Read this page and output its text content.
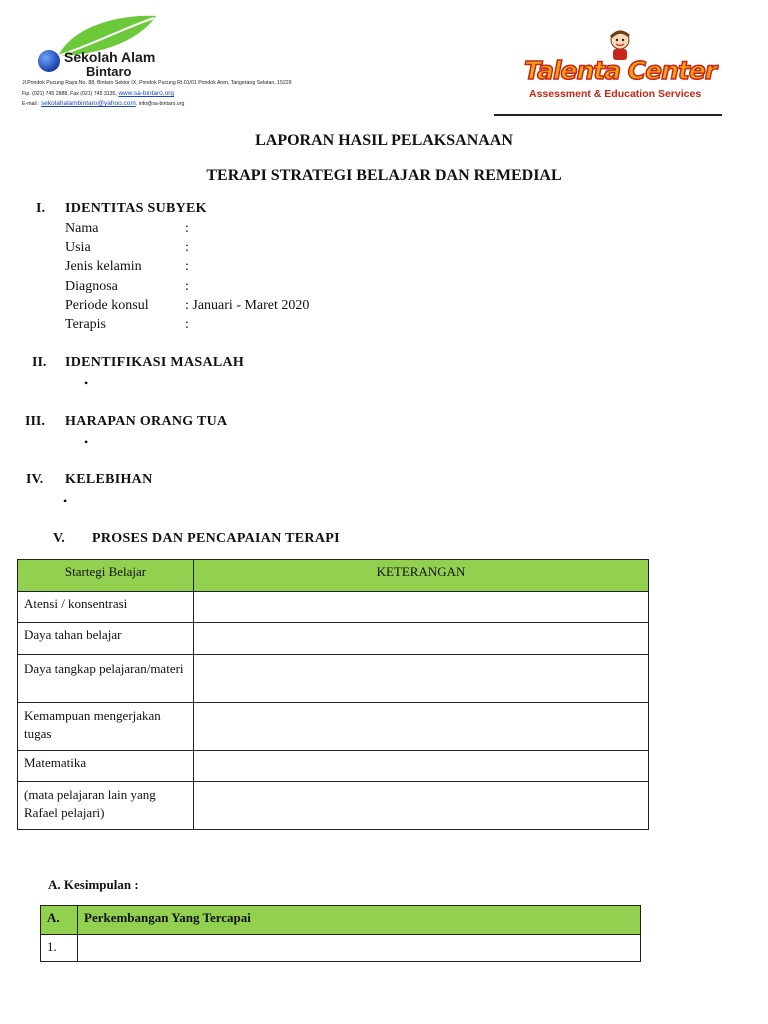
Sekolah Alam
Bintaro
Jl.Pondok Pucung Raya No. 88, Bintaro Sektor IX, Pondok Pucung Rt.01/01 Pondok Aren, Tangerang Selatan, 15229
Fip. (021) 745 2888, Fax (021) 745 3135, www.sa-bintaro.org
E-mail : sekolahalambintaro@yahoo.com, info@sa-bintaro.org
Talenta Center
Assessment & Education Services
LAPORAN HASIL PELAKSANAAN
TERAPI STRATEGI BELAJAR DAN REMEDIAL
I. IDENTITAS SUBYEK
Nama	:
Usia	:
Jenis kelamin	:
Diagnosa	:
Periode konsul	: Januari - Maret 2020
Terapis	:
II. IDENTIFIKASI MASALAH
•
III. HARAPAN ORANG TUA
•
IV. KELEBIHAN
•
V. PROSES DAN PENCAPAIAN TERAPI
Startegi Belajar	KETERANGAN
Atensi / konsentrasi	
Daya tahan belajar	
Daya tangkap pelajaran/materi	
Kemampuan mengerjakan tugas	
Matematika	
(mata pelajaran lain yang Rafael pelajari)	
A. Kesimpulan :
A.	Perkembangan Yang Tercapai
1.	
